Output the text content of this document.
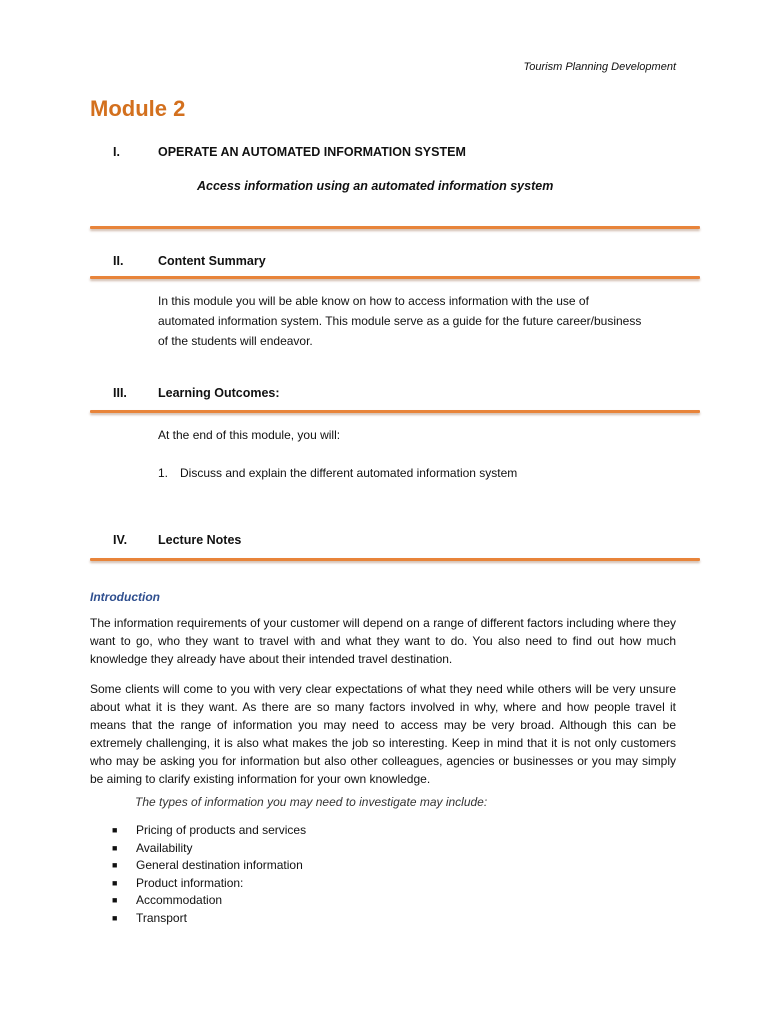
Tourism Planning Development
Module 2
I.	OPERATE AN AUTOMATED INFORMATION SYSTEM
Access information using an automated information system
II.	Content Summary
In this module you will be able know on how to access information with the use of
automated information system. This module serve as a guide for the future career/business
of the students will endeavor.
III. Learning Outcomes:
At the end of this module, you will:
1. Discuss and explain the different automated information system
IV. Lecture Notes
Introduction
The information requirements of your customer will depend on a range of different factors including where they want to go, who they want to travel with and what they want to do. You also need to find out how much knowledge they already have about their intended travel destination.
Some clients will come to you with very clear expectations of what they need while others will be very unsure about what it is they want. As there are so many factors involved in why, where and how people travel it means that the range of information you may need to access may be very broad. Although this can be extremely challenging, it is also what makes the job so interesting. Keep in mind that it is not only customers who may be asking you for information but also other colleagues, agencies or businesses or you may simply be aiming to clarify existing information for your own knowledge.
The types of information you may need to investigate may include:
■ Pricing of products and services
■ Availability
■ General destination information
■ Product information:
■ Accommodation
■ Transport
